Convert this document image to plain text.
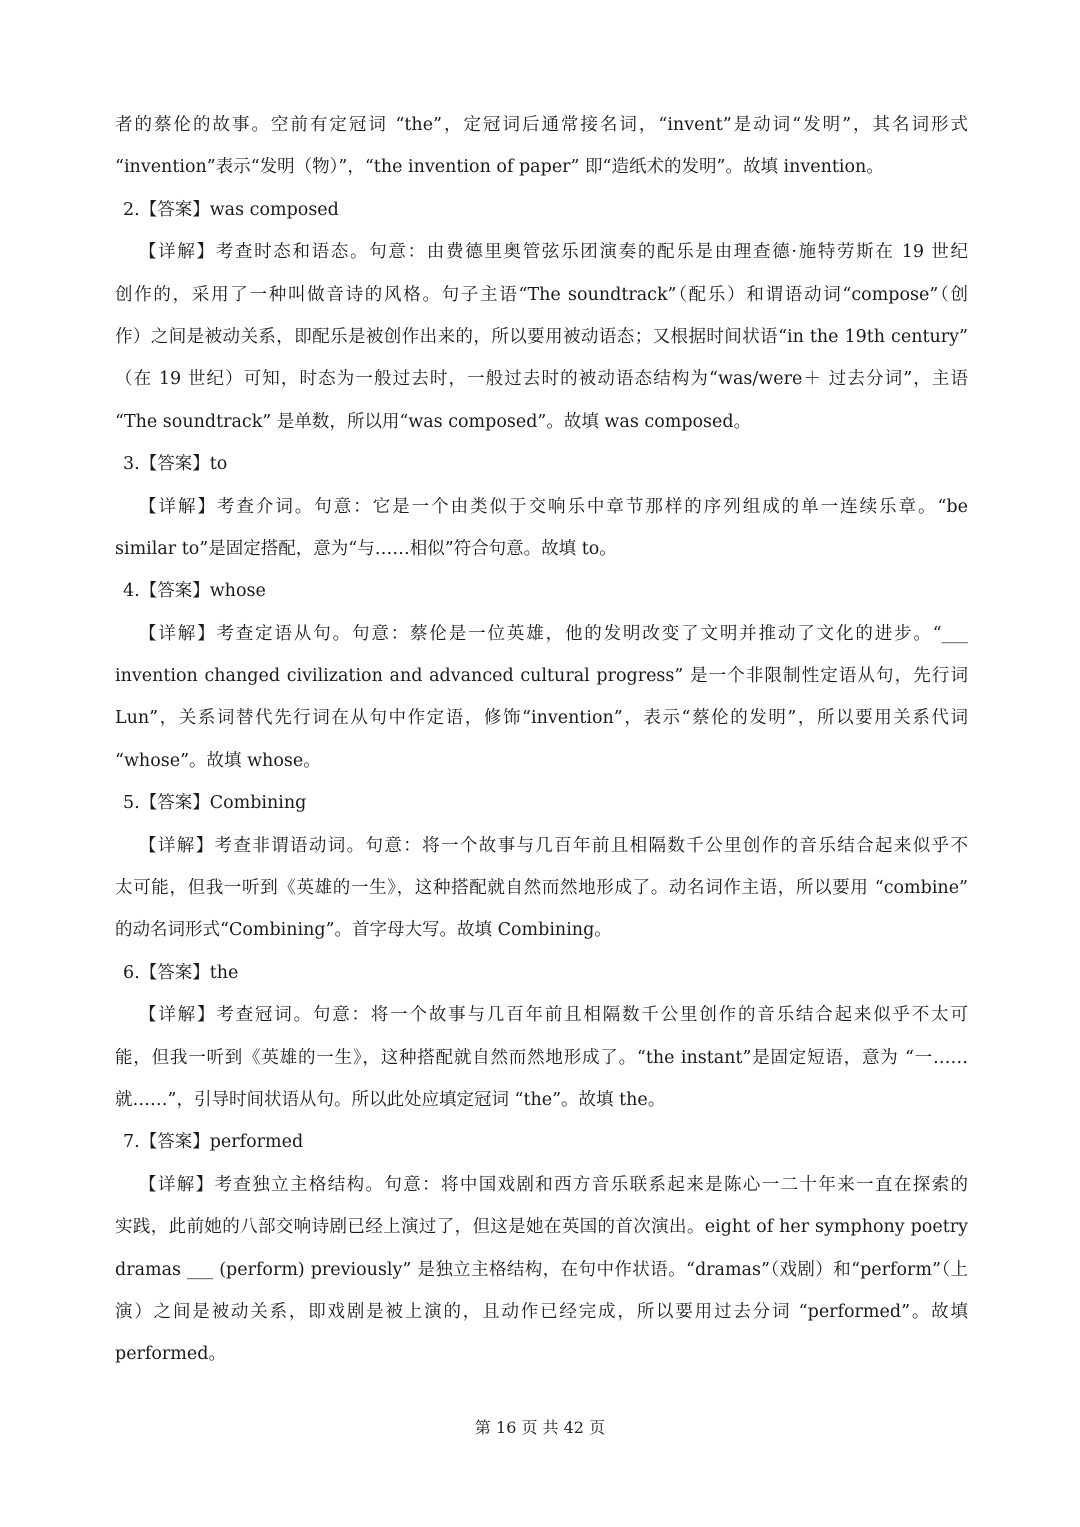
者的蔡伦的故事。空前有定冠词 “the”，定冠词后通常接名词，“invent”是动词“发明”，其名词形式
“invention”表示“发明（物）”，“the invention of paper” 即“造纸术的发明”。故填 invention。
2.【答案】was composed
【详解】考查时态和语态。句意：由费德里奥管弦乐团演奏的配乐是由理查德·施特劳斯在 19 世纪
创作的，采用了一种叫做音诗的风格。句子主语“The soundtrack”（配乐）和谓语动词“compose”（创
作）之间是被动关系，即配乐是被创作出来的，所以要用被动语态；又根据时间状语“in the 19th century”
（在 19 世纪）可知，时态为一般过去时，一般过去时的被动语态结构为“was/were＋ 过去分词”，主语
“The soundtrack” 是单数，所以用“was composed”。故填 was composed。
3.【答案】to
【详解】考查介词。句意：它是一个由类似于交响乐中章节那样的序列组成的单一连续乐章。“be
similar to”是固定搭配，意为“与……相似”符合句意。故填 to。
4.【答案】whose
【详解】考查定语从句。句意：蔡伦是一位英雄，他的发明改变了文明并推动了文化的进步。“___
invention changed civilization and advanced cultural progress” 是一个非限制性定语从句，先行词
Lun”，关系词替代先行词在从句中作定语，修饰“invention”，表示“蔡伦的发明”，所以要用关系代词
“whose”。故填 whose。
5.【答案】Combining
【详解】考查非谓语动词。句意：将一个故事与几百年前且相隔数千公里创作的音乐结合起来似乎不
太可能，但我一听到《英雄的一生》，这种搭配就自然而然地形成了。动名词作主语，所以要用 “combine”
的动名词形式“Combining”。首字母大写。故填 Combining。
6.【答案】the
【详解】考查冠词。句意：将一个故事与几百年前且相隔数千公里创作的音乐结合起来似乎不太可
能，但我一听到《英雄的一生》，这种搭配就自然而然地形成了。“the instant”是固定短语，意为 “一……
就……”，引导时间状语从句。所以此处应填定冠词 “the”。故填 the。
7.【答案】performed
【详解】考查独立主格结构。句意：将中国戏剧和西方音乐联系起来是陈心一二十年来一直在探索的
实践，此前她的八部交响诗剧已经上演过了，但这是她在英国的首次演出。eight of her symphony poetry
dramas ___ (perform) previously” 是独立主格结构，在句中作状语。“dramas”（戏剧）和“perform”（上
演）之间是被动关系，即戏剧是被上演的，且动作已经完成，所以要用过去分词 “performed”。故填
performed。
第 16 页 共 42 页
